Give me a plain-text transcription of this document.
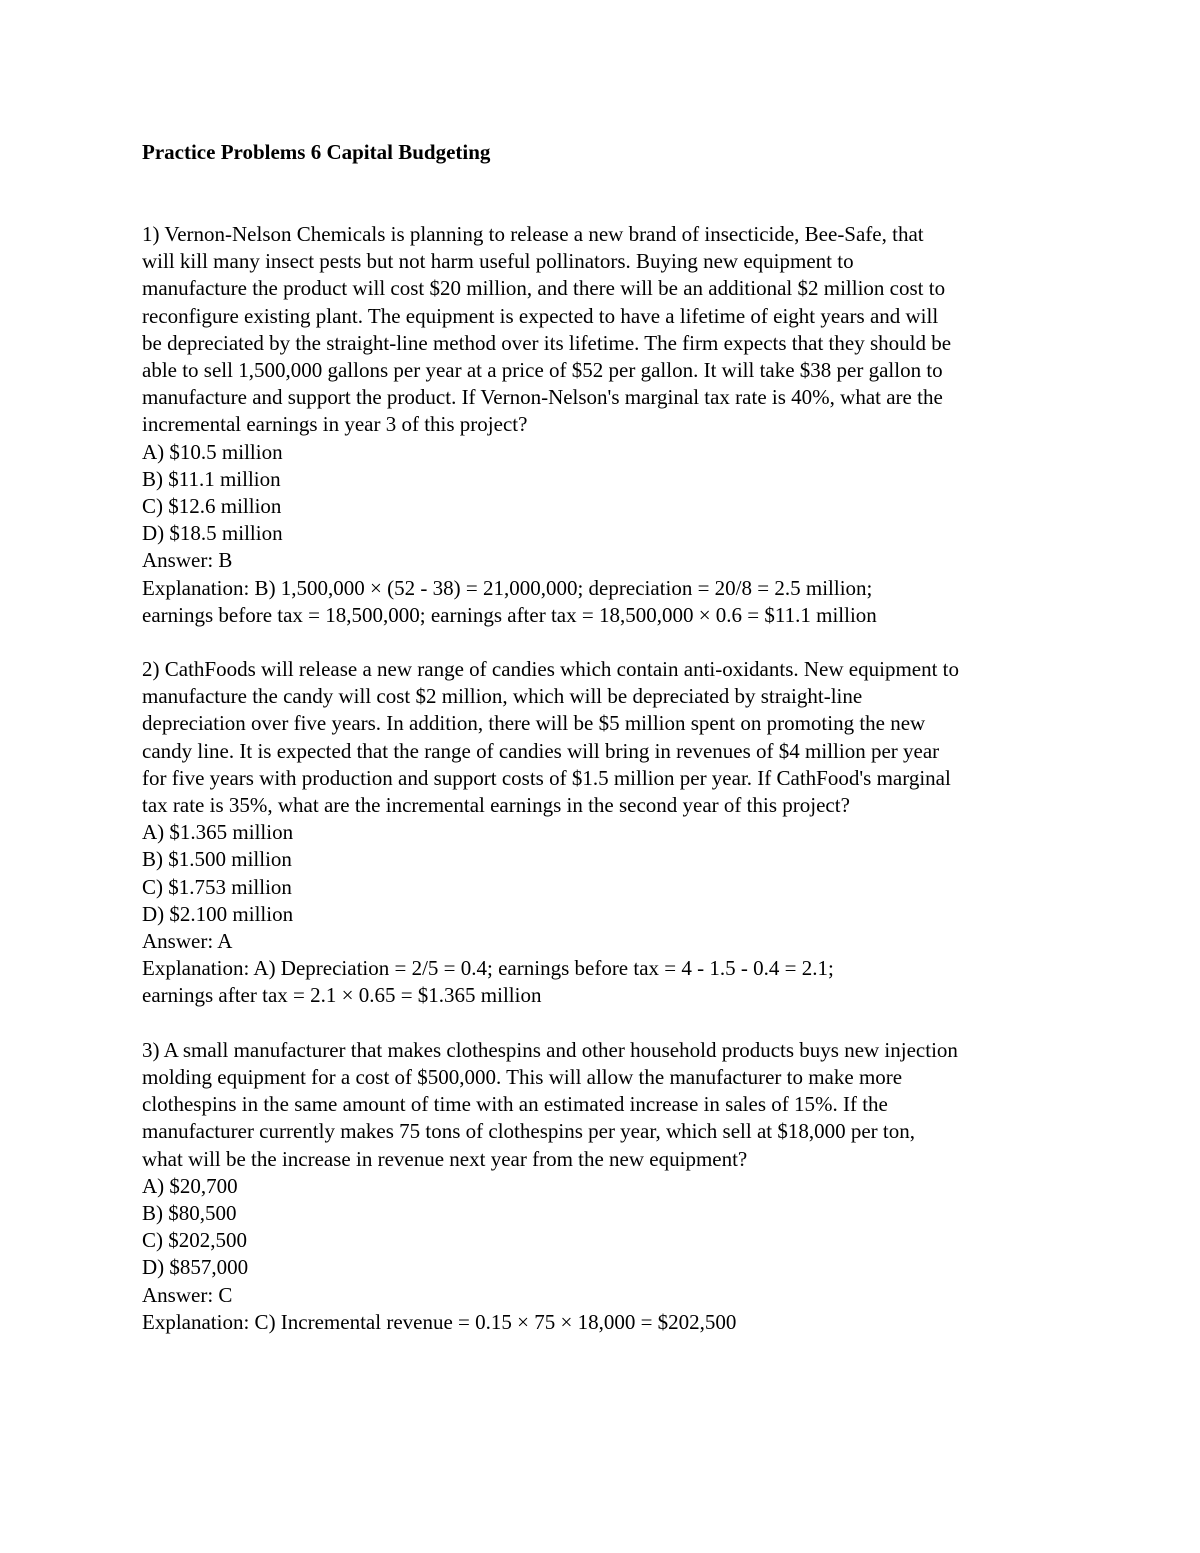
Practice Problems 6 Capital Budgeting
1) Vernon-Nelson Chemicals is planning to release a new brand of insecticide, Bee-Safe, that
will kill many insect pests but not harm useful pollinators. Buying new equipment to
manufacture the product will cost $20 million, and there will be an additional $2 million cost to
reconfigure existing plant. The equipment is expected to have a lifetime of eight years and will
be depreciated by the straight-line method over its lifetime. The firm expects that they should be
able to sell 1,500,000 gallons per year at a price of $52 per gallon. It will take $38 per gallon to
manufacture and support the product. If Vernon-Nelson's marginal tax rate is 40%, what are the
incremental earnings in year 3 of this project?
A) $10.5 million
B) $11.1 million
C) $12.6 million
D) $18.5 million
Answer: B
Explanation: B) 1,500,000 × (52 - 38) = 21,000,000; depreciation = 20/8 = 2.5 million;
earnings before tax = 18,500,000; earnings after tax = 18,500,000 × 0.6 = $11.1 million
2) CathFoods will release a new range of candies which contain anti-oxidants. New equipment to
manufacture the candy will cost $2 million, which will be depreciated by straight-line
depreciation over five years. In addition, there will be $5 million spent on promoting the new
candy line. It is expected that the range of candies will bring in revenues of $4 million per year
for five years with production and support costs of $1.5 million per year. If CathFood's marginal
tax rate is 35%, what are the incremental earnings in the second year of this project?
A) $1.365 million
B) $1.500 million
C) $1.753 million
D) $2.100 million
Answer: A
Explanation: A) Depreciation = 2/5 = 0.4; earnings before tax = 4 - 1.5 - 0.4 = 2.1;
earnings after tax = 2.1 × 0.65 = $1.365 million
3) A small manufacturer that makes clothespins and other household products buys new injection
molding equipment for a cost of $500,000. This will allow the manufacturer to make more
clothespins in the same amount of time with an estimated increase in sales of 15%. If the
manufacturer currently makes 75 tons of clothespins per year, which sell at $18,000 per ton,
what will be the increase in revenue next year from the new equipment?
A) $20,700
B) $80,500
C) $202,500
D) $857,000
Answer: C
Explanation: C) Incremental revenue = 0.15 × 75 × 18,000 = $202,500
